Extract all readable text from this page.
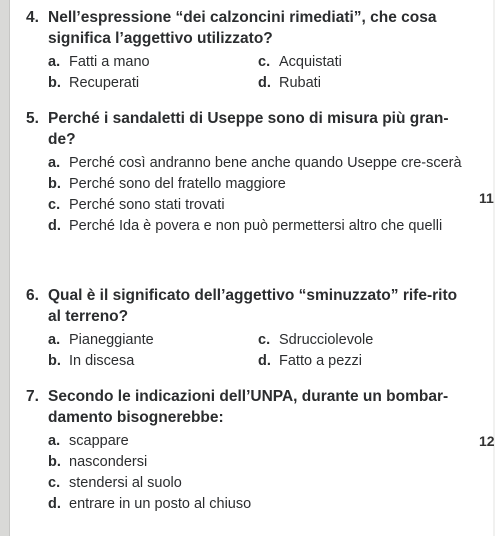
4. Nell’espressione “dei calzoncini rimediati”, che cosa significa l’aggettivo utilizzato?
a. Fatti a mano	c. Acquistati
b. Recuperati	d. Rubati
5. Perché i sandaletti di Useppe sono di misura più gran-de?
a. Perché così andranno bene anche quando Useppe cre-scerà
b. Perché sono del fratello maggiore
c. Perché sono stati trovati
d. Perché Ida è povera e non può permettersi altro che quelli
6. Qual è il significato dell’aggettivo “sminuzzato” rife-rito al terreno?
a. Pianeggiante	c. Sdrucciolevole
b. In discesa	d. Fatto a pezzi
7. Secondo le indicazioni dell’UNPA, durante un bombar-damento bisognerebbe:
a. scappare
b. nascondersi
c. stendersi al suolo
d. entrare in un posto al chiuso
11
12
